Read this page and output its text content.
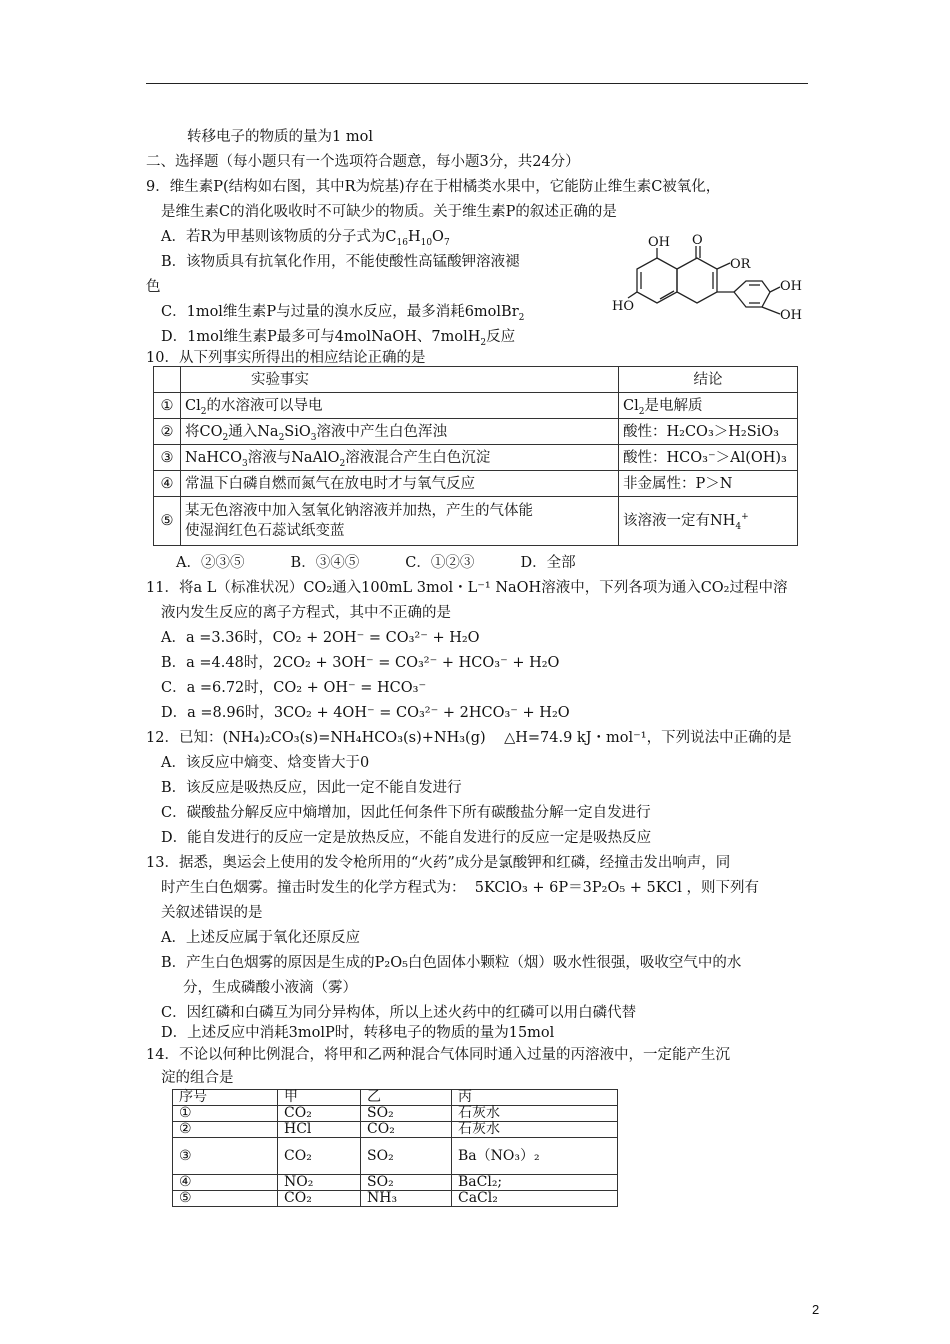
转移电子的物质的量为1 mol
二、选择题（每小题只有一个选项符合题意，每小题3分，共24分）
9．维生素P(结构如右图，其中R为烷基)存在于柑橘类水果中，它能防止维生素C被氧化，
是维生素C的消化吸收时不可缺少的物质。关于维生素P的叙述正确的是
A．若R为甲基则该物质的分子式为$C_{16}H_{10}O_7$
B．该物质具有抗氧化作用，不能使酸性高锰酸钾溶液褪
色
C．1mol维生素P与过量的溴水反应，最多消耗6molBr$_2$
D．1mol维生素P最多可与4molNaOH、7molH$_2$反应
OH O
OR
OH
OH
HO
10．从下列事实所得出的相应结论正确的是
	实验事实	结论
①	$Cl_2$的水溶液可以导电	$Cl_2$是电解质
②	将$CO_2$通入$Na_2SiO_3$溶液中产生白色浑浊	酸性：H₂CO₃＞H₂SiO₃
③	NaHCO$_3$溶液与NaAlO$_2$溶液混合产生白色沉淀	酸性：HCO₃⁻＞Al(OH)₃
④	常温下白磷自燃而氮气在放电时才与氧气反应	非金属性：P＞N
⑤	某无色溶液中加入氢氧化钠溶液并加热，产生的气体能
使湿润红色石蕊试纸变蓝	该溶液一定有$NH_4^+$
A．②③⑤          B．③④⑤          C．①②③          D．全部
11．将a L（标准状况）CO₂通入100mL 3mol・L⁻¹ NaOH溶液中，下列各项为通入CO₂过程中溶
液内发生反应的离子方程式，其中不正确的是
A．a =3.36时，CO₂ + 2OH⁻ = CO₃²⁻ + H₂O
B．a =4.48时，2CO₂ + 3OH⁻ = CO₃²⁻ + HCO₃⁻ + H₂O
C．a =6.72时，CO₂ + OH⁻ = HCO₃⁻
D．a =8.96时，3CO₂ + 4OH⁻ = CO₃²⁻ + 2HCO₃⁻ + H₂O
12．已知：(NH₄)₂CO₃(s)=NH₄HCO₃(s)+NH₃(g)    △H=74.9 kJ・mol⁻¹，下列说法中正确的是
A．该反应中熵变、焓变皆大于0
B．该反应是吸热反应，因此一定不能自发进行
C．碳酸盐分解反应中熵增加，因此任何条件下所有碳酸盐分解一定自发进行
D．能自发进行的反应一定是放热反应，不能自发进行的反应一定是吸热反应
13．据悉，奥运会上使用的发令枪所用的“火药”成分是氯酸钾和红磷，经撞击发出响声，同
时产生白色烟雾。撞击时发生的化学方程式为：  5KClO₃ + 6P＝3P₂O₅ + 5KCl ，则下列有
关叙述错误的是
A．上述反应属于氧化还原反应
B．产生白色烟雾的原因是生成的P₂O₅白色固体小颗粒（烟）吸水性很强，吸收空气中的水
分，生成磷酸小液滴（雾）
C．因红磷和白磷互为同分异构体，所以上述火药中的红磷可以用白磷代替
D．上述反应中消耗3molP时，转移电子的物质的量为15mol
14．不论以何种比例混合，将甲和乙两种混合气体同时通入过量的丙溶液中，一定能产生沉
淀的组合是
序号	甲	乙	丙
①	CO₂	SO₂	石灰水
②	HCl	CO₂	石灰水
③	CO₂	SO₂	Ba（NO₃）₂
④	NO₂	SO₂	BaCl₂;
⑤	CO₂	NH₃	CaCl₂
2
